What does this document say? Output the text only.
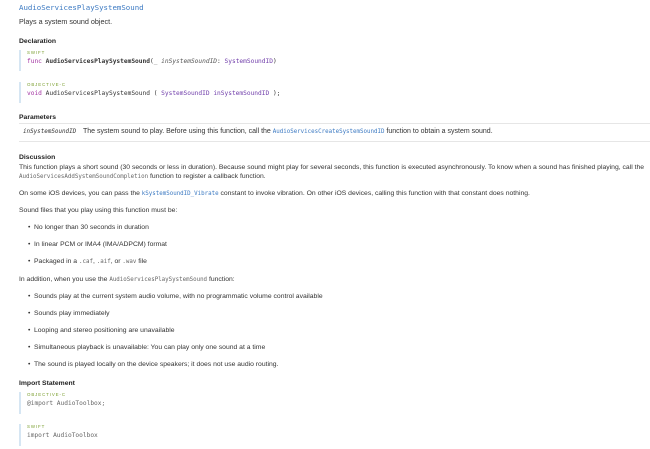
AudioServicesPlaySystemSound
Plays a system sound object.
Declaration
SWIFT
func AudioServicesPlaySystemSound(_ inSystemSoundID: SystemSoundID)
OBJECTIVE-C
void AudioServicesPlaySystemSound ( SystemSoundID inSystemSoundID );
Parameters
inSystemSoundID The system sound to play. Before using this function, call the AudioServicesCreateSystemSoundID function to obtain a system sound.
Discussion
This function plays a short sound (30 seconds or less in duration). Because sound might play for several seconds, this function is executed asynchronously. To know when a sound has finished playing, call the
AudioServicesAddSystemSoundCompletion function to register a callback function.
On some iOS devices, you can pass the kSystemSoundID_Vibrate constant to invoke vibration. On other iOS devices, calling this function with that constant does nothing.
Sound files that you play using this function must be:
• No longer than 30 seconds in duration
• In linear PCM or IMA4 (IMA/ADPCM) format
• Packaged in a .caf, .aif, or .wav file
In addition, when you use the AudioServicesPlaySystemSound function:
• Sounds play at the current system audio volume, with no programmatic volume control available
• Sounds play immediately
• Looping and stereo positioning are unavailable
• Simultaneous playback is unavailable: You can play only one sound at a time
• The sound is played locally on the device speakers; it does not use audio routing.
Import Statement
OBJECTIVE-C
@import AudioToolbox;
SWIFT
import AudioToolbox
